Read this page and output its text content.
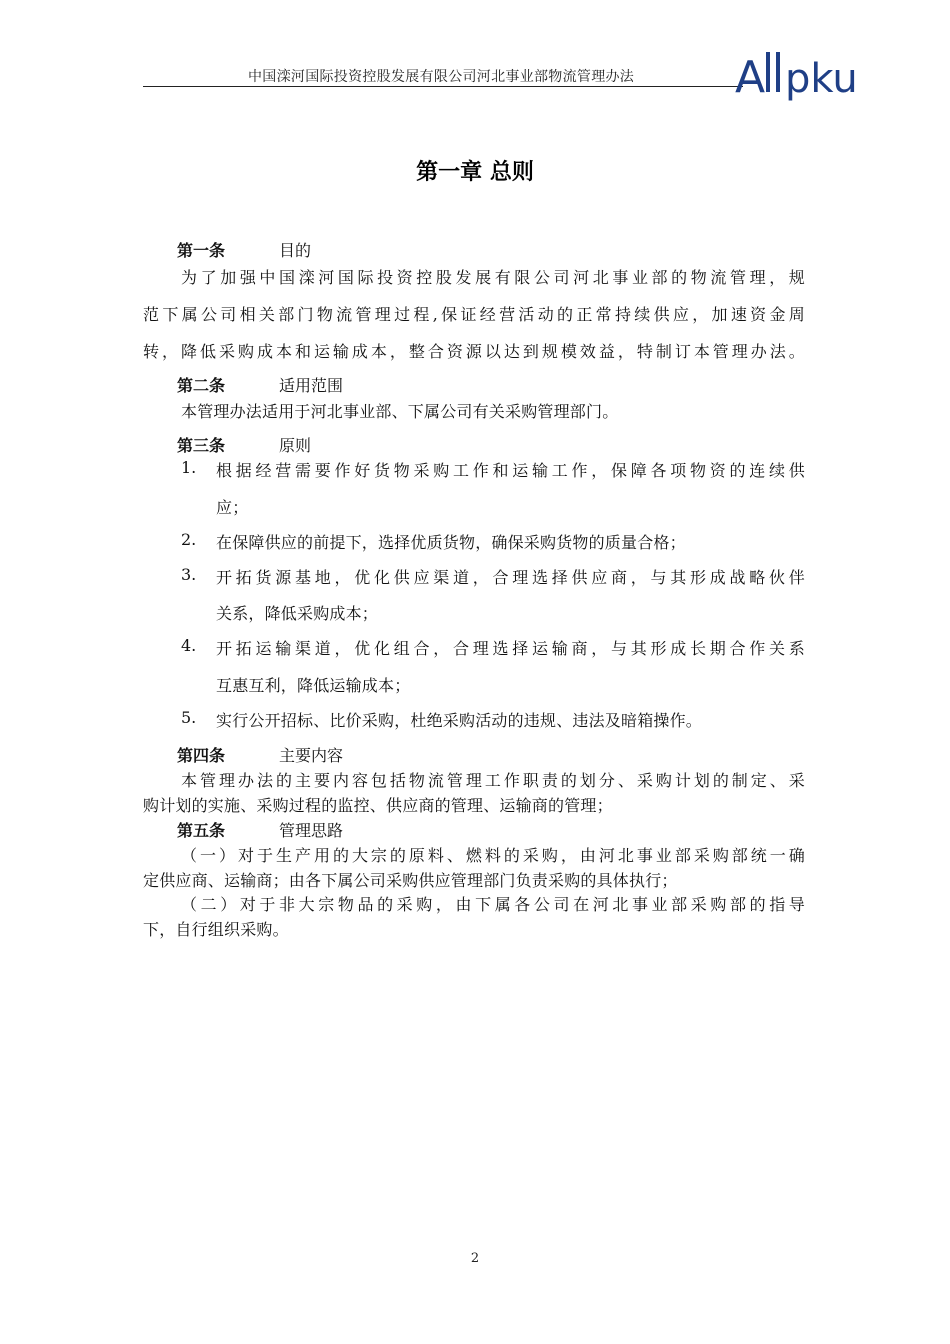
中国滦河国际投资控股发展有限公司河北事业部物流管理办法 A pku
第一章 总则
第一条	目的
为了加强中国滦河国际投资控股发展有限公司河北事业部的物流管理，规
范下属公司相关部门物流管理过程,保证经营活动的正常持续供应，加速资金周
转，降低采购成本和运输成本，整合资源以达到规模效益，特制订本管理办法。
第二条	适用范围
本管理办法适用于河北事业部、下属公司有关采购管理部门。
第三条	原则
1. 根据经营需要作好货物采购工作和运输工作，保障各项物资的连续供
应；
2. 在保障供应的前提下，选择优质货物，确保采购货物的质量合格；
3. 开拓货源基地，优化供应渠道，合理选择供应商，与其形成战略伙伴
关系，降低采购成本；
4. 开拓运输渠道，优化组合，合理选择运输商，与其形成长期合作关系
互惠互利，降低运输成本；
5. 实行公开招标、比价采购，杜绝采购活动的违规、违法及暗箱操作。
第四条	主要内容
本管理办法的主要内容包括物流管理工作职责的划分、采购计划的制定、采
购计划的实施、采购过程的监控、供应商的管理、运输商的管理；
第五条	管理思路
（一）对于生产用的大宗的原料、燃料的采购，由河北事业部采购部统一确
定供应商、运输商；由各下属公司采购供应管理部门负责采购的具体执行；
（二）对于非大宗物品的采购，由下属各公司在河北事业部采购部的指导
下，自行组织采购。
2
